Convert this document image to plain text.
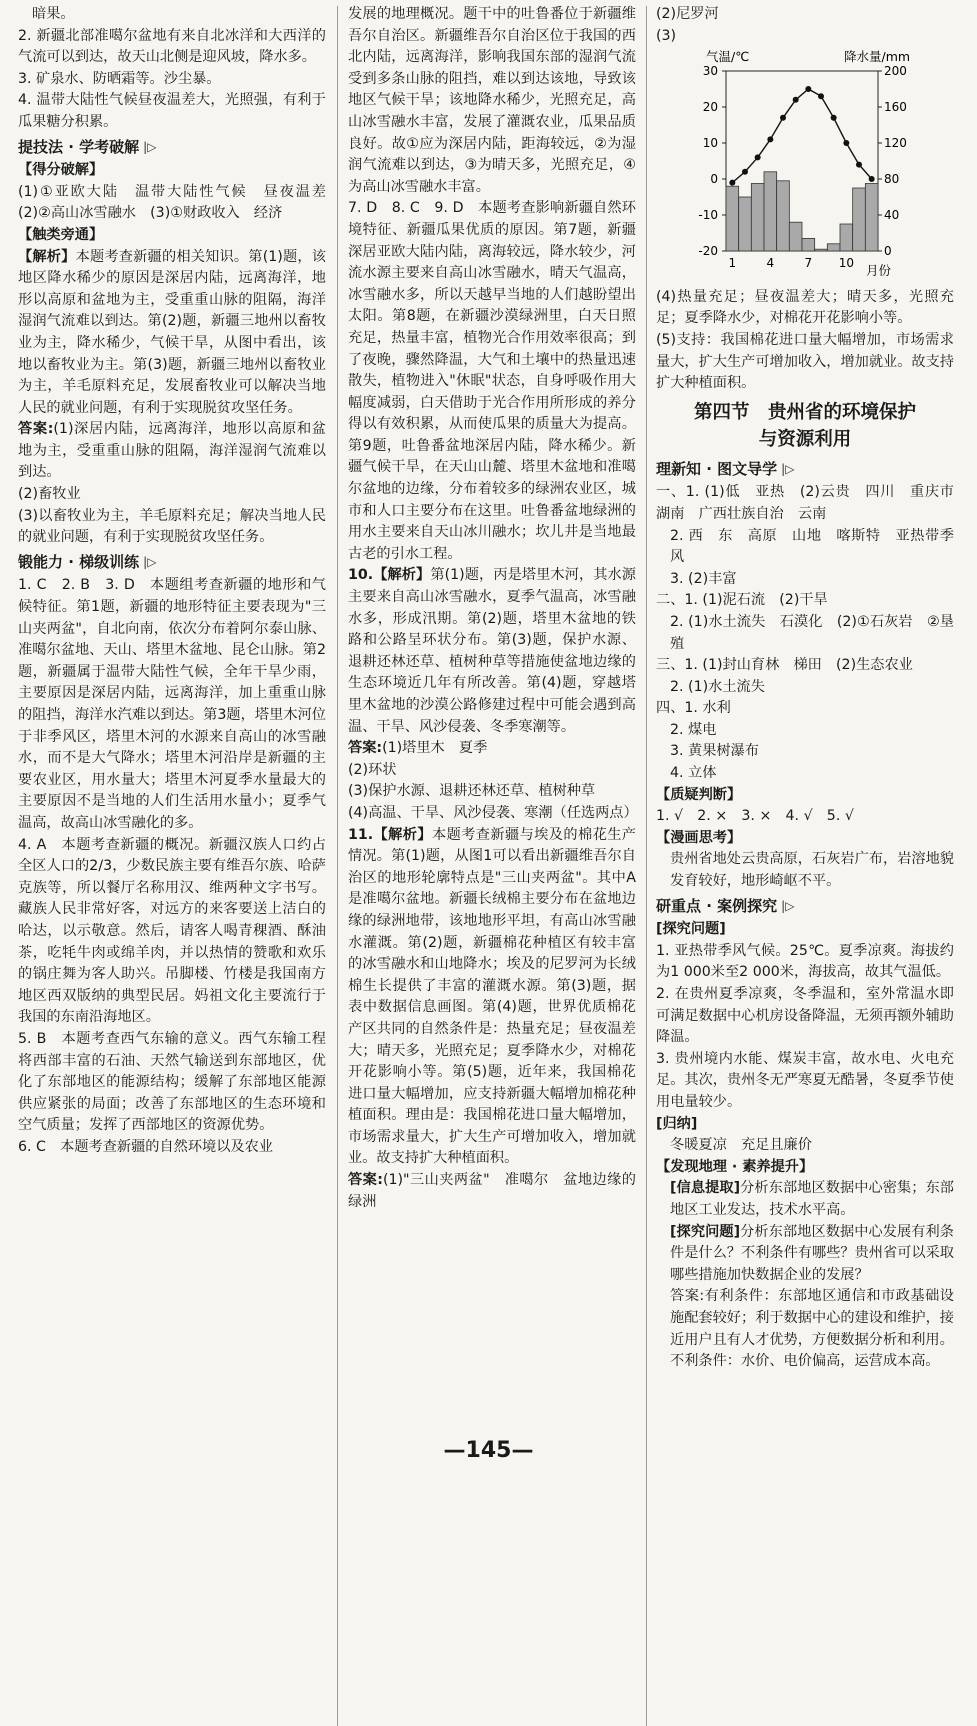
暗果。

2. 新疆北部准噶尔盆地有来自北冰洋和大西洋的气流可以到达，故天山北侧是迎风坡，降水多。

3. 矿泉水、防晒霜等。沙尘暴。

4. 温带大陆性气候昼夜温差大，光照强，有利于瓜果糖分积累。

提技法 · 学考破解 |▷

【得分破解】

(1)①亚欧大陆　温带大陆性气候　昼夜温差　(2)②高山冰雪融水　(3)①财政收入　经济

【触类旁通】

【解析】本题考查新疆的相关知识。第(1)题，该地区降水稀少的原因是深居内陆，远离海洋，地形以高原和盆地为主，受重重山脉的阻隔，海洋湿润气流难以到达。第(2)题，新疆三地州以畜牧业为主，降水稀少，气候干旱，从图中看出，该地以畜牧业为主。第(3)题，新疆三地州以畜牧业为主，羊毛原料充足，发展畜牧业可以解决当地人民的就业问题，有利于实现脱贫攻坚任务。

答案:(1)深居内陆，远离海洋，地形以高原和盆地为主，受重重山脉的阻隔，海洋湿润气流难以到达。

(2)畜牧业

(3)以畜牧业为主，羊毛原料充足；解决当地人民的就业问题，有利于实现脱贫攻坚任务。

锻能力 · 梯级训练 |▷

1. C　2. B　3. D　本题组考查新疆的地形和气候特征。第1题，新疆的地形特征主要表现为"三山夹两盆"，自北向南，依次分布着阿尔泰山脉、准噶尔盆地、天山、塔里木盆地、昆仑山脉。第2题，新疆属于温带大陆性气候，全年干旱少雨，主要原因是深居内陆，远离海洋，加上重重山脉的阻挡，海洋水汽难以到达。第3题，塔里木河位于非季风区，塔里木河的水源来自高山的冰雪融水，而不是大气降水；塔里木河沿岸是新疆的主要农业区，用水量大；塔里木河夏季水量最大的主要原因不是当地的人们生活用水量小；夏季气温高，故高山冰雪融化的多。

4. A　本题考查新疆的概况。新疆汉族人口约占全区人口的2/3，少数民族主要有维吾尔族、哈萨克族等，所以餐厅名称用汉、维两种文字书写。藏族人民非常好客，对远方的来客要送上洁白的哈达，以示敬意。然后，请客人喝青稞酒、酥油茶，吃牦牛肉或绵羊肉，并以热情的赞歌和欢乐的锅庄舞为客人助兴。吊脚楼、竹楼是我国南方地区西双版纳的典型民居。妈祖文化主要流行于我国的东南沿海地区。

5. B　本题考查西气东输的意义。西气东输工程将西部丰富的石油、天然气输送到东部地区，优化了东部地区的能源结构；缓解了东部地区能源供应紧张的局面；改善了东部地区的生态环境和空气质量；发挥了西部地区的资源优势。

6. C　本题考查新疆的自然环境以及农业

发展的地理概况。题干中的吐鲁番位于新疆维吾尔自治区。新疆维吾尔自治区位于我国的西北内陆，远离海洋，影响我国东部的湿润气流受到多条山脉的阻挡，难以到达该地，导致该地区气候干旱；该地降水稀少，光照充足，高山冰雪融水丰富，发展了灌溉农业，瓜果品质良好。故①应为深居内陆，距海较远，②为湿润气流难以到达，③为晴天多，光照充足，④为高山冰雪融水丰富。

7. D　8. C　9. D　本题考查影响新疆自然环境特征、新疆瓜果优质的原因。第7题，新疆深居亚欧大陆内陆，离海较远，降水较少，河流水源主要来自高山冰雪融水，晴天气温高，冰雪融水多，所以天越早当地的人们越盼望出太阳。第8题，在新疆沙漠绿洲里，白天日照充足，热量丰富，植物光合作用效率很高；到了夜晚，骤然降温，大气和土壤中的热量迅速散失，植物进入"休眠"状态，自身呼吸作用大幅度减弱，白天借助于光合作用所形成的养分得以有效积累，从而使瓜果的质量大为提高。第9题，吐鲁番盆地深居内陆，降水稀少。新疆气候干旱，在天山山麓、塔里木盆地和准噶尔盆地的边缘，分布着较多的绿洲农业区，城市和人口主要分布在这里。吐鲁番盆地绿洲的用水主要来自天山冰川融水；坎儿井是当地最古老的引水工程。

10.【解析】第(1)题，丙是塔里木河，其水源主要来自高山冰雪融水，夏季气温高，冰雪融水多，形成汛期。第(2)题，塔里木盆地的铁路和公路呈环状分布。第(3)题，保护水源、退耕还林还草、植树种草等措施使盆地边缘的生态环境近几年有所改善。第(4)题，穿越塔里木盆地的沙漠公路修建过程中可能会遇到高温、干旱、风沙侵袭、冬季寒潮等。

答案:(1)塔里木　夏季

(2)环状

(3)保护水源、退耕还林还草、植树种草

(4)高温、干旱、风沙侵袭、寒潮（任选两点）

11.【解析】本题考查新疆与埃及的棉花生产情况。第(1)题，从图1可以看出新疆维吾尔自治区的地形轮廓特点是"三山夹两盆"。其中A是准噶尔盆地。新疆长绒棉主要分布在盆地边缘的绿洲地带，该地地形平坦，有高山冰雪融水灌溉。第(2)题，新疆棉花种植区有较丰富的冰雪融水和山地降水；埃及的尼罗河为长绒棉生长提供了丰富的灌溉水源。第(3)题，据表中数据信息画图。第(4)题，世界优质棉花产区共同的自然条件是：热量充足；昼夜温差大；晴天多，光照充足；夏季降水少，对棉花开花影响小等。第(5)题，近年来，我国棉花进口量大幅增加，应支持新疆大幅增加棉花种植面积。理由是：我国棉花进口量大幅增加，市场需求量大，扩大生产可增加收入，增加就业。故支持扩大种植面积。

答案:(1)"三山夹两盆"　准噶尔　盆地边缘的绿洲

(2)尼罗河

(3)

气温/℃	降水量/mm
30
20
10
0
-10
-20
200
160
120
80
40
0
1	4	7 10 月份

(4)热量充足；昼夜温差大；晴天多，光照充足；夏季降水少，对棉花开花影响小等。

(5)支持：我国棉花进口量大幅增加，市场需求量大，扩大生产可增加收入，增加就业。故支持扩大种植面积。

第四节　贵州省的环境保护
与资源利用
理新知 · 图文导学 |▷

一、1. (1)低　亚热　(2)云贵　四川　重庆市　湖南　广西壮族自治　云南

2. 西　东　高原　山地　喀斯特　亚热带季风

3. (2)丰富

二、1. (1)泥石流　(2)干旱

2. (1)水土流失　石漠化　(2)①石灰岩　②垦殖

三、1. (1)封山育林　梯田　(2)生态农业

2. (1)水土流失

四、1. 水利

2. 煤电

3. 黄果树瀑布

4. 立体

【质疑判断】

1. √　2. ×　3. ×　4. √　5. √

【漫画思考】

贵州省地处云贵高原，石灰岩广布，岩溶地貌发育较好，地形崎岖不平。

研重点 · 案例探究 |▷

[探究问题]

1. 亚热带季风气候。25℃。夏季凉爽。海拔约为1 000米至2 000米，海拔高，故其气温低。

2. 在贵州夏季凉爽，冬季温和，室外常温水即可满足数据中心机房设备降温，无须再额外辅助降温。

3. 贵州境内水能、煤炭丰富，故水电、火电充足。其次，贵州冬无严寒夏无酷暑，冬夏季节使用电量较少。

[归纳]

冬暖夏凉　充足且廉价

【发现地理 · 素养提升】

[信息提取]分析东部地区数据中心密集；东部地区工业发达，技术水平高。

[探究问题]分析东部地区数据中心发展有利条件是什么？不利条件有哪些？贵州省可以采取哪些措施加快数据企业的发展？

答案:有利条件：东部地区通信和市政基础设施配套较好；利于数据中心的建设和维护，接近用户且有人才优势，方便数据分析和利用。

不利条件：水价、电价偏高，运营成本高。

—145—
